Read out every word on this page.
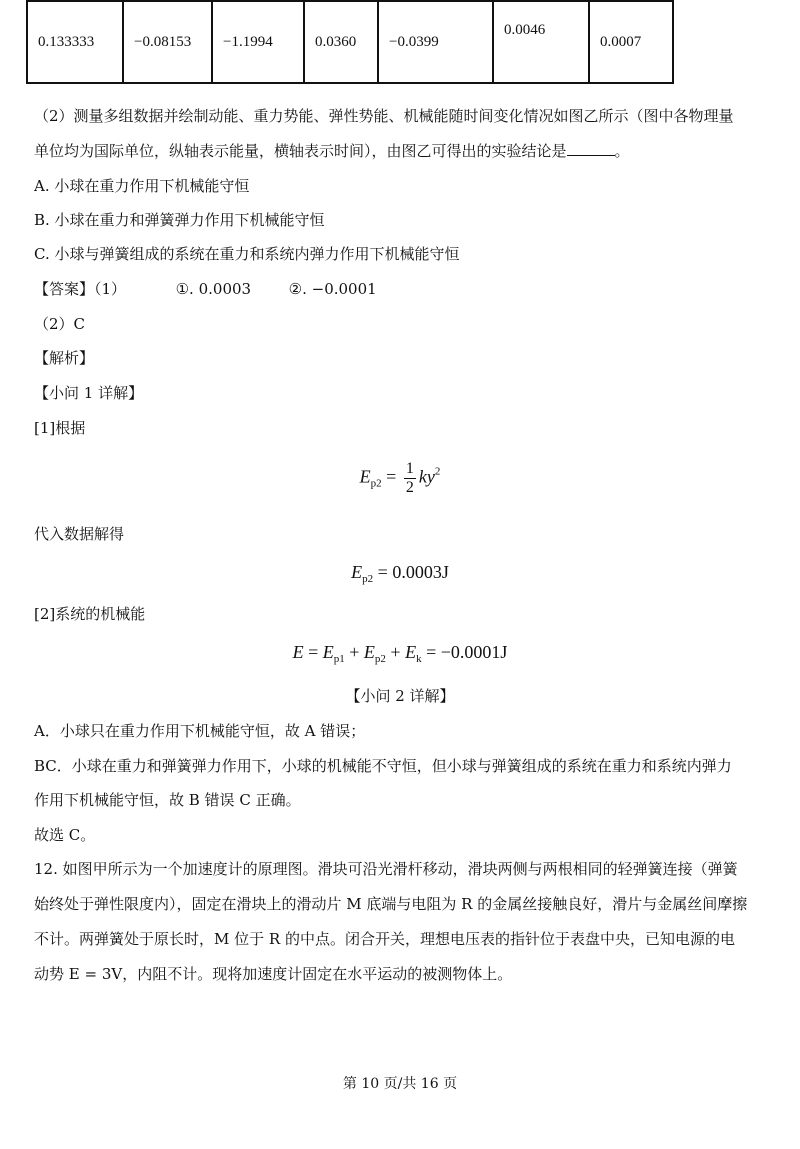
0.133333	−0.08153	−1.1994	0.0360	−0.0399	0.0046	0.0007
（2）测量多组数据并绘制动能、重力势能、弹性势能、机械能随时间变化情况如图乙所示（图中各物理量
单位均为国际单位，纵轴表示能量，横轴表示时间），由图乙可得出的实验结论是	。
A. 小球在重力作用下机械能守恒
B. 小球在重力和弹簧弹力作用下机械能守恒
C. 小球与弹簧组成的系统在重力和系统内弹力作用下机械能守恒
【答案】（1）	①. 0.0003	②. −0.0001
（2）C
【解析】
【小问 1 详解】
[1]根据
$E_{p2} = \frac{1}{2} ky^2$
代入数据解得
$E_{p2} = 0.0003J$
[2]系统的机械能
$E = E_{p1} + E_{p2} + E_k = -0.0001J$
【小问 2 详解】
A．小球只在重力作用下机械能守恒，故 A 错误；
BC．小球在重力和弹簧弹力作用下，小球的机械能不守恒，但小球与弹簧组成的系统在重力和系统内弹力
作用下机械能守恒，故 B 错误 C 正确。
故选 C。
12. 如图甲所示为一个加速度计的原理图。滑块可沿光滑杆移动，滑块两侧与两根相同的轻弹簧连接（弹簧
始终处于弹性限度内），固定在滑块上的滑动片 M 底端与电阻为 R 的金属丝接触良好，滑片与金属丝间摩擦
不计。两弹簧处于原长时，M 位于 R 的中点。闭合开关，理想电压表的指针位于表盘中央，已知电源的电
动势 E = 3V，内阻不计。现将加速度计固定在水平运动的被测物体上。
第 10 页/共 16 页
